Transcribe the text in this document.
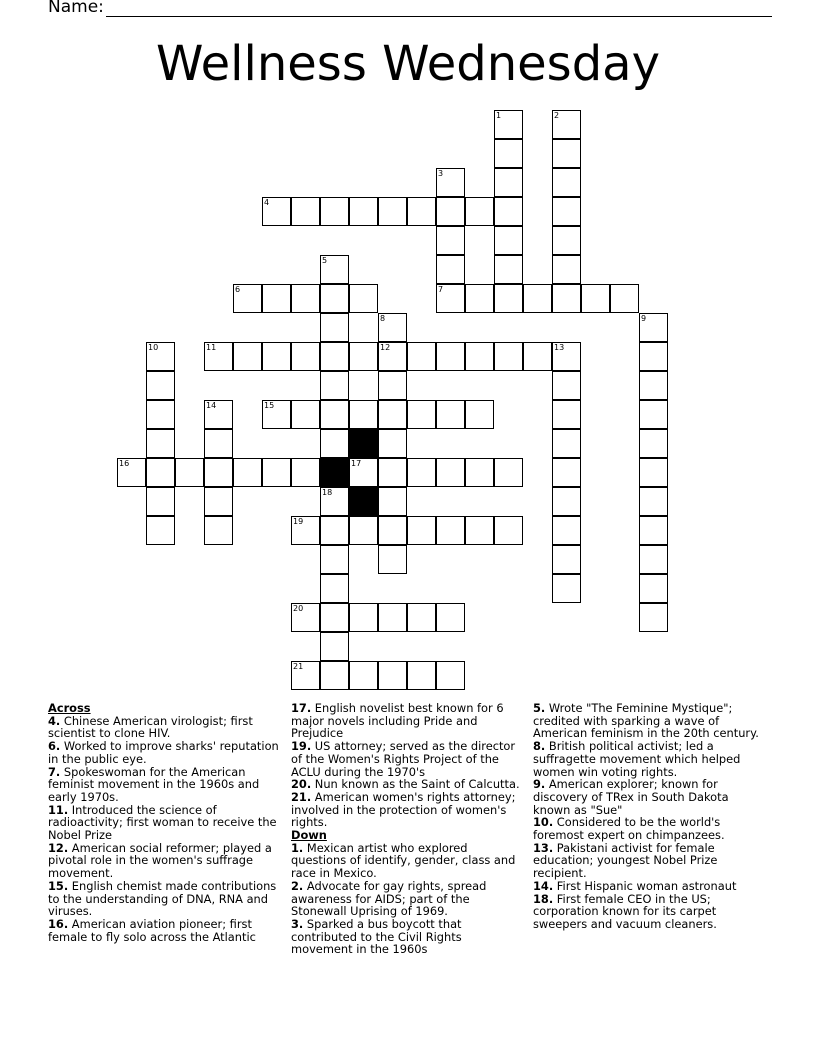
Name:
Wellness Wednesday
1	2
3
7
4
5
18
6
8
12
9
10	11	13
14	15
16	17
19
20
21

Across

4. Chinese American virologist; first scientist to clone HIV.

6. Worked to improve sharks' reputation in the public eye.

7. Spokeswoman for the American feminist movement in the 1960s and early 1970s.

11. Introduced the science of radioactivity; first woman to receive the Nobel Prize

12. American social reformer; played a pivotal role in the women's suffrage movement.

15. English chemist made contributions to the understanding of DNA, RNA and viruses.

16. American aviation pioneer; first female to fly solo across the Atlantic

17. English novelist best known for 6 major novels including Pride and Prejudice

19. US attorney; served as the director of the Women's Rights Project of the ACLU during the 1970's

20. Nun known as the Saint of Calcutta.

21. American women's rights attorney; involved in the protection of women's rights.

Down

1. Mexican artist who explored questions of identify, gender, class and race in Mexico.

2. Advocate for gay rights, spread awareness for AIDS; part of the Stonewall Uprising of 1969.

3. Sparked a bus boycott that contributed to the Civil Rights movement in the 1960s

5. Wrote "The Feminine Mystique"; credited with sparking a wave of American feminism in the 20th century.

8. British political activist; led a suffragette movement which helped women win voting rights.

9. American explorer; known for discovery of TRex in South Dakota known as "Sue"

10. Considered to be the world's foremost expert on chimpanzees.

13. Pakistani activist for female education; youngest Nobel Prize recipient.

14. First Hispanic woman astronaut

18. First female CEO in the US; corporation known for its carpet sweepers and vacuum cleaners.
